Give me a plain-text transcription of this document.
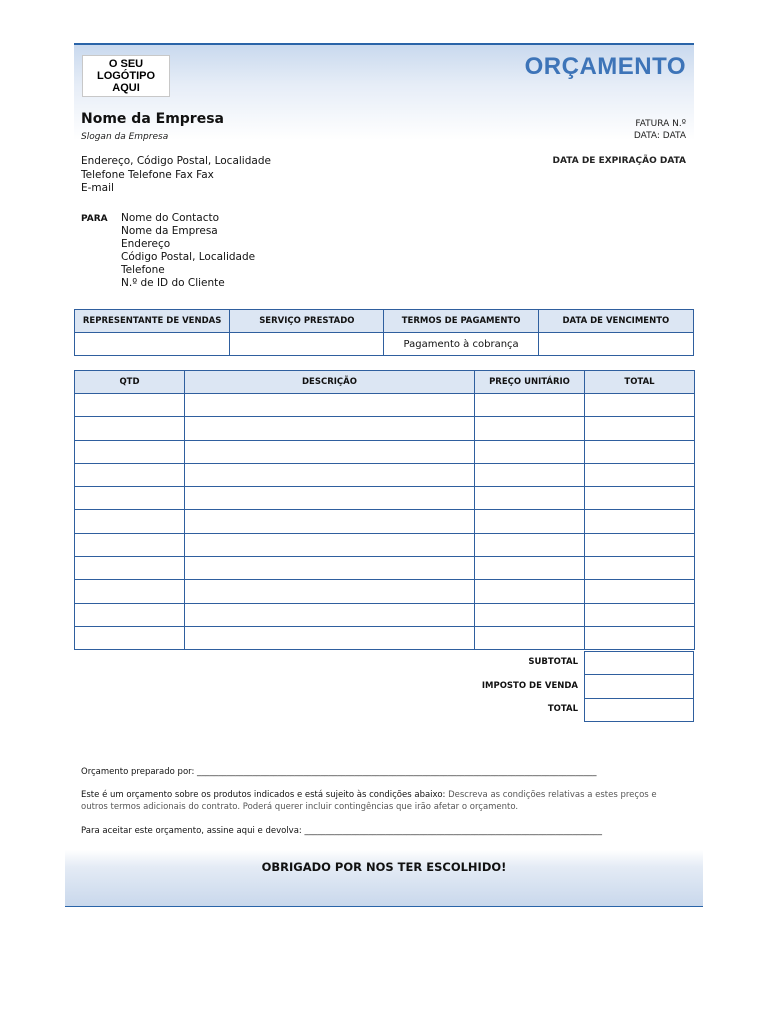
O SEU LOGÓTIPO
AQUI
ORÇAMENTO
Nome da Empresa
Slogan da Empresa
FATURA N.º
DATA: DATA
DATA DE EXPIRAÇÃO DATA
Endereço, Código Postal, Localidade
Telefone Telefone Fax Fax
E-mail
PARA Nome do Contacto
Nome da Empresa
Endereço
Código Postal, Localidade
Telefone
N.º de ID do Cliente
REPRESENTANTE DE VENDAS	SERVIÇO PRESTADO	TERMOS DE PAGAMENTO	DATA DE VENCIMENTO
		Pagamento à cobrança	
QTD	DESCRIÇÃO	PREÇO UNITÁRIO	TOTAL

SUBTOTAL
IMPOSTO DE VENDA
TOTAL

Orçamento preparado por: ______________________________________________________________________________________________
Este é um orçamento sobre os produtos indicados e está sujeito às condições abaixo: Descreva as condições relativas a estes preços e outros termos adicionais do contrato. Poderá querer incluir contingências que irão afetar o orçamento.
Para aceitar este orçamento, assine aqui e devolva: ______________________________________________________________________
OBRIGADO POR NOS TER ESCOLHIDO!
